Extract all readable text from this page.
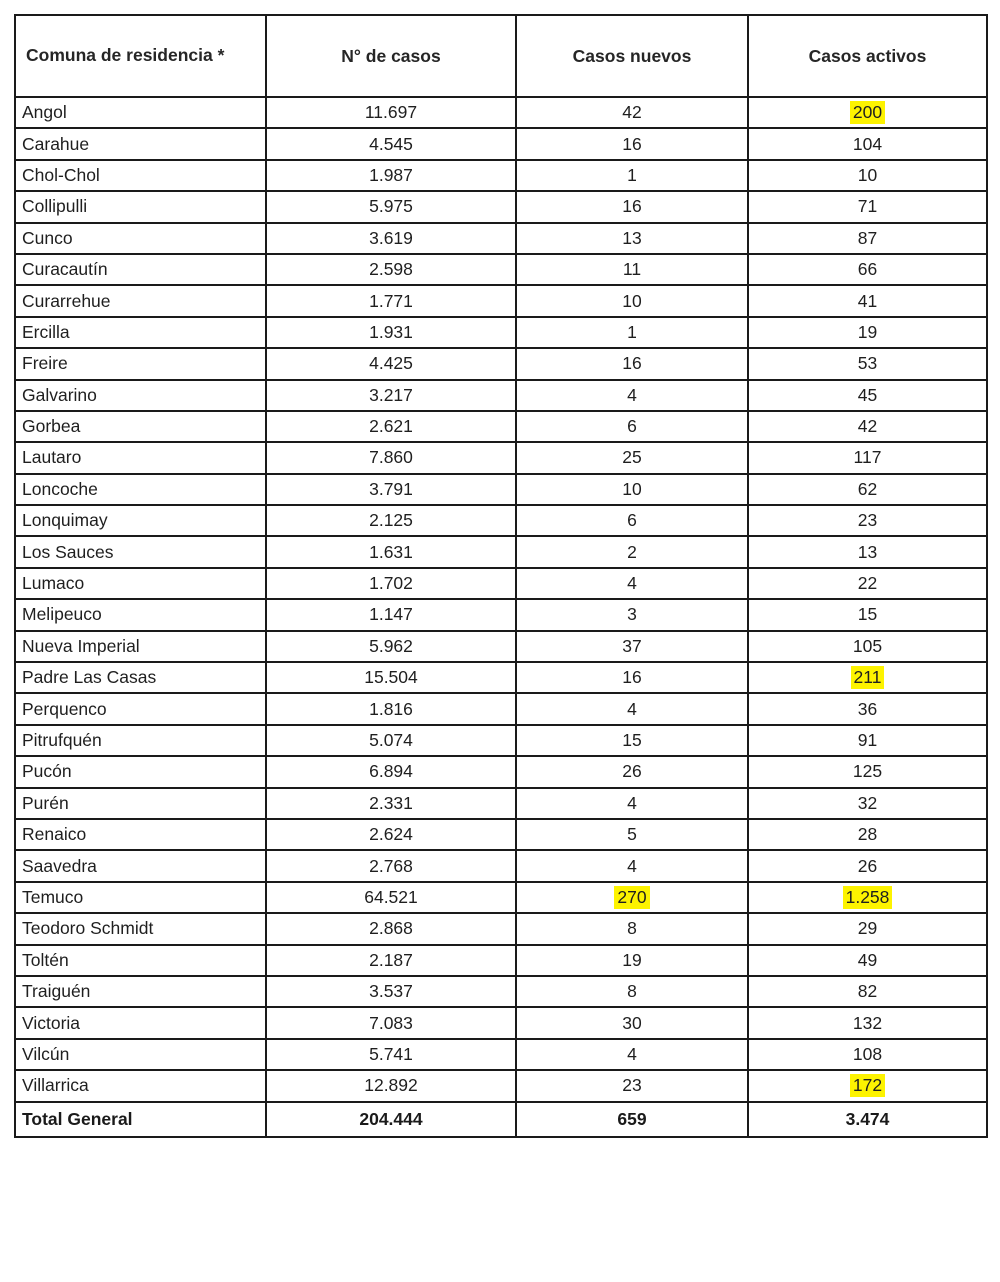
Comuna de residencia *	N° de casos	Casos nuevos	Casos activos
Angol	11.697	42	200
Carahue	4.545	16	104
Chol-Chol	1.987	1	10
Collipulli	5.975	16	71
Cunco	3.619	13	87
Curacautín	2.598	11	66
Curarrehue	1.771	10	41
Ercilla	1.931	1	19
Freire	4.425	16	53
Galvarino	3.217	4	45
Gorbea	2.621	6	42
Lautaro	7.860	25	117
Loncoche	3.791	10	62
Lonquimay	2.125	6	23
Los Sauces	1.631	2	13
Lumaco	1.702	4	22
Melipeuco	1.147	3	15
Nueva Imperial	5.962	37	105
Padre Las Casas	15.504	16	211
Perquenco	1.816	4	36
Pitrufquén	5.074	15	91
Pucón	6.894	26	125
Purén	2.331	4	32
Renaico	2.624	5	28
Saavedra	2.768	4	26
Temuco	64.521	270	1.258
Teodoro Schmidt	2.868	8	29
Toltén	2.187	19	49
Traiguén	3.537	8	82
Victoria	7.083	30	132
Vilcún	5.741	4	108
Villarrica	12.892	23	172
Total General	204.444	659	3.474
